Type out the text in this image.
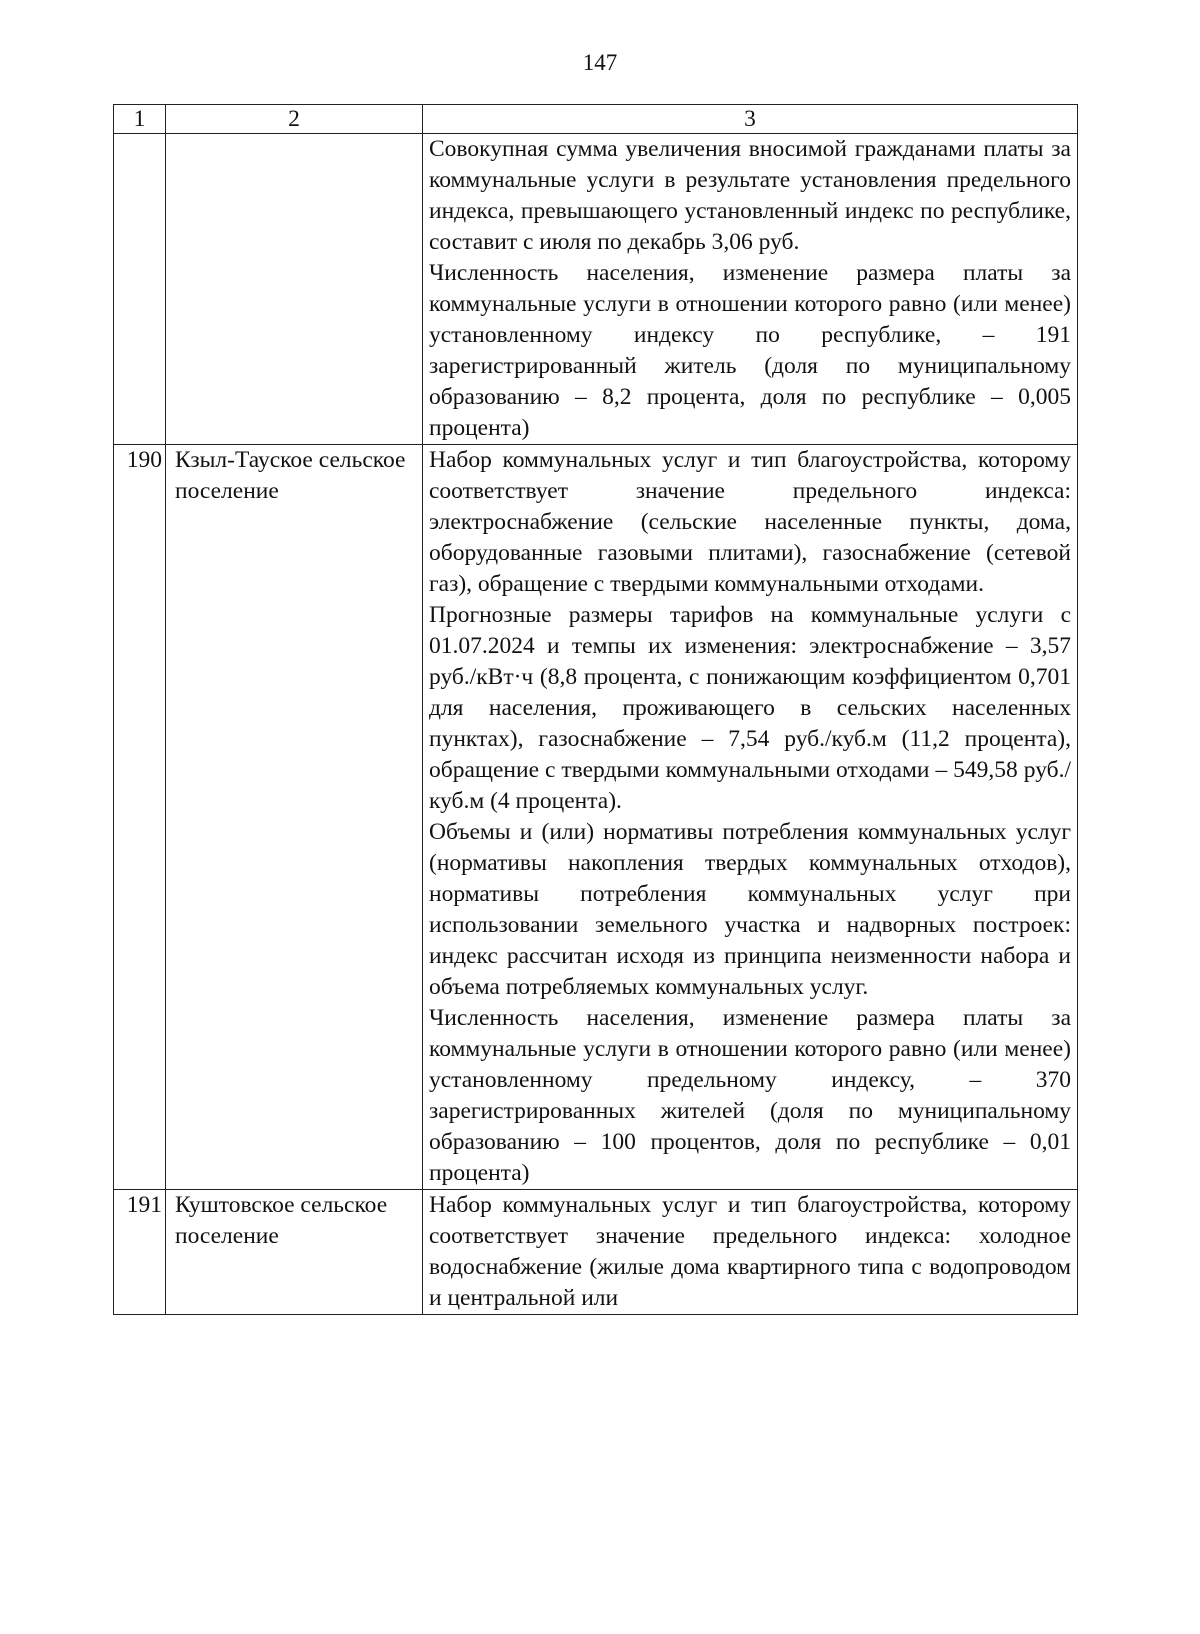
147
1	2	3

		Совокупная сумма увеличения вносимой гражданами платы за коммунальные услуги в результате установления предельного индекса, превышающего установленный индекс по республике, составит с июля по декабрь 3,06 руб.

Численность населения, изменение размера платы за коммунальные услуги в отношении которого равно (или менее) установленному индексу по республике, – 191 зарегистрированный житель (доля по муниципальному образованию – 8,2 процента, доля по республике – 0,005 процента)

190	Кзыл-Тауское сельское поселение	Набор коммунальных услуг и тип благоустройства, которому соответствует значение предельного индекса: электроснабжение (сельские населенные пункты, дома, оборудованные газовыми плитами), газоснабжение (сетевой газ), обращение с твердыми коммунальными отходами.

Прогнозные размеры тарифов на коммунальные услуги с 01.07.2024 и темпы их изменения: электроснабжение – 3,57 руб./кВт·ч (8,8 процента, с понижающим коэффициентом 0,701 для населения, проживающего в сельских населенных пунктах), газоснабжение – 7,54 руб./куб.м (11,2 процента), обращение с твердыми коммунальными отходами – 549,58 руб./куб.м (4 процента).

Объемы и (или) нормативы потребления коммунальных услуг (нормативы накопления твердых коммунальных отходов), нормативы потребления коммунальных услуг при использовании земельного участка и надворных построек: индекс рассчитан исходя из принципа неизменности набора и объема потребляемых коммунальных услуг.

Численность населения, изменение размера платы за коммунальные услуги в отношении которого равно (или менее) установленному предельному индексу, – 370 зарегистрированных жителей (доля по муниципальному образованию – 100 процентов, доля по республике – 0,01 процента)

191	Куштовское сельское поселение	Набор коммунальных услуг и тип благоустройства, которому соответствует значение предельного индекса: холодное водоснабжение (жилые дома квартирного типа с водопроводом и центральной или
